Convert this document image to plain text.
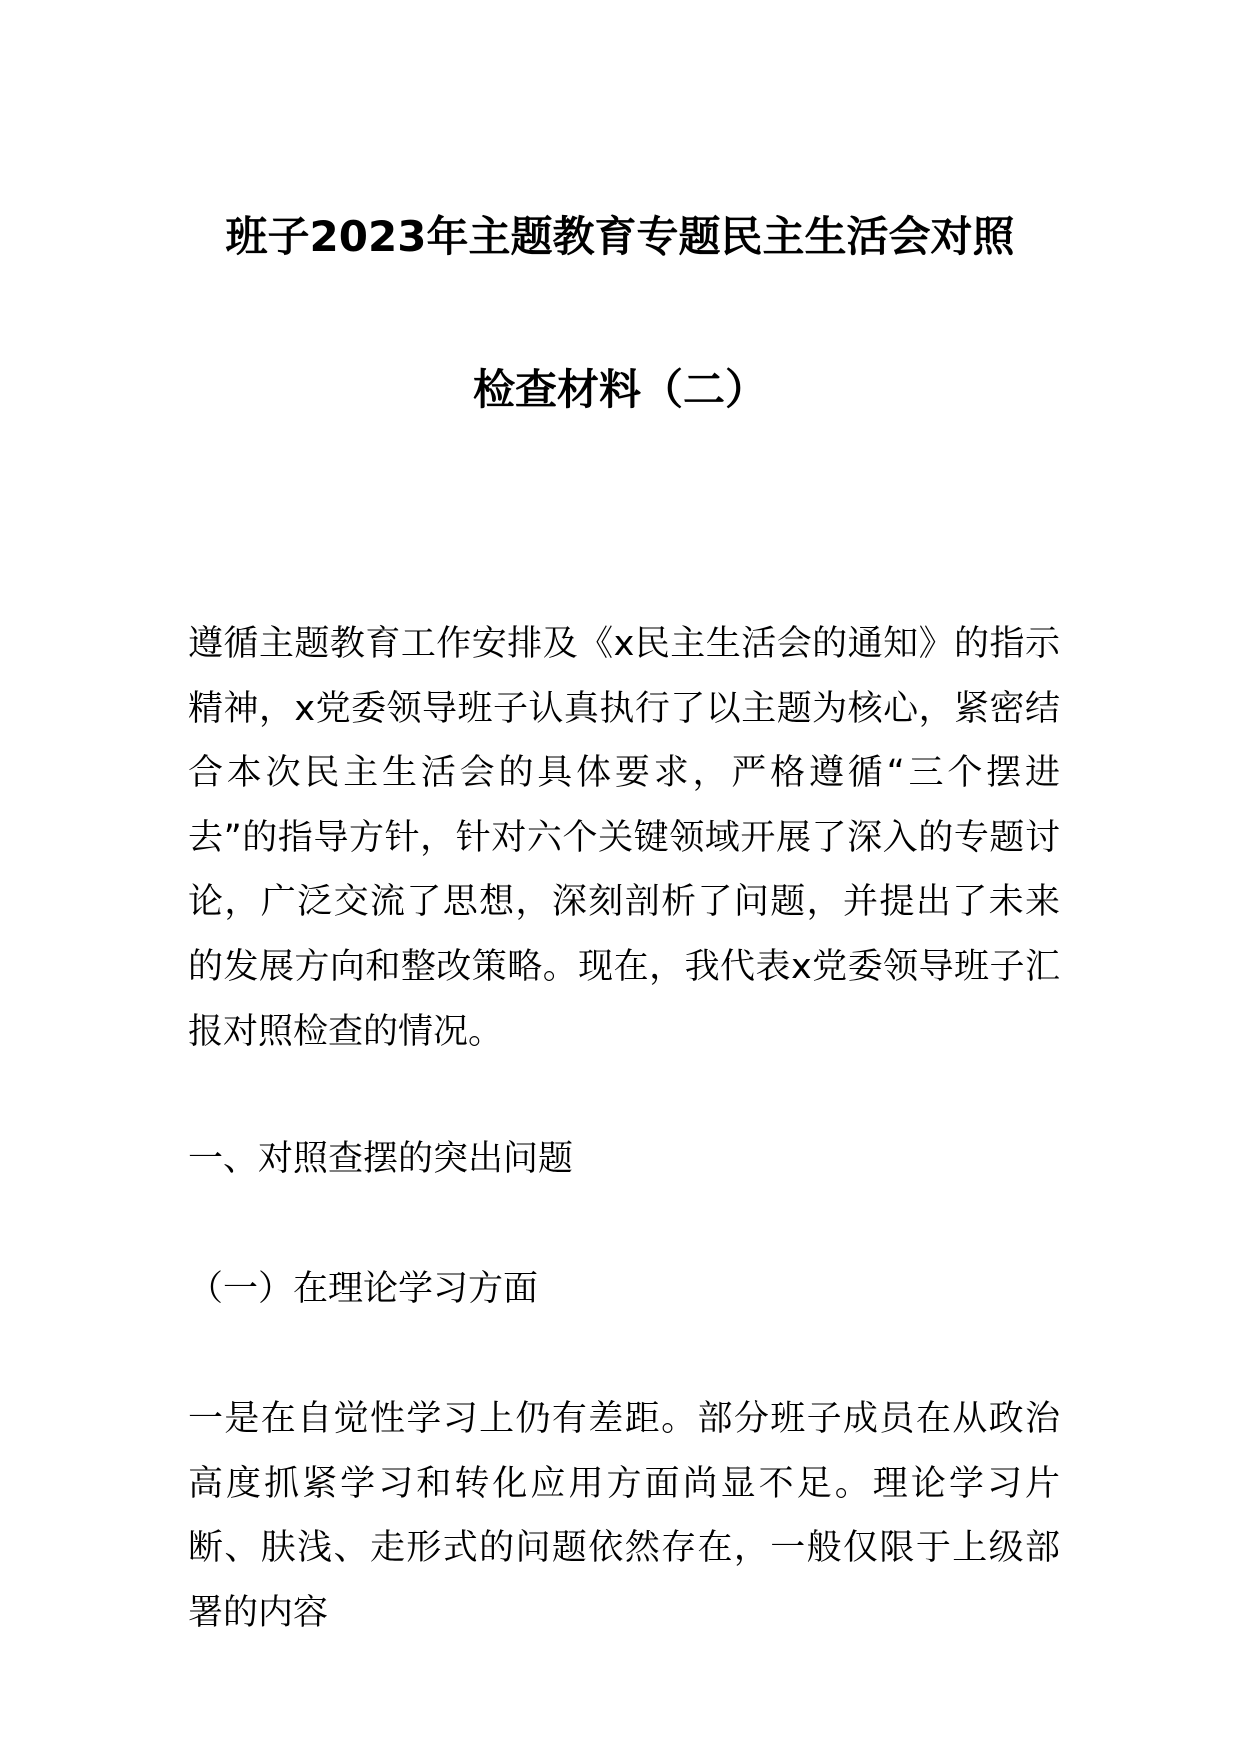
班子2023年主题教育专题民主生活会对照
检查材料（二）

遵循主题教育工作安排及《x民主生活会的通知》的指示精神，x党委领导班子认真执行了以主题为核心，紧密结合本次民主生活会的具体要求，严格遵循“三个摆进去”的指导方针，针对六个关键领域开展了深入的专题讨论，广泛交流了思想，深刻剖析了问题，并提出了未来的发展方向和整改策略。现在，我代表x党委领导班子汇报对照检查的情况。

一、对照查摆的突出问题

（一）在理论学习方面

一是在自觉性学习上仍有差距。部分班子成员在从政治高度抓紧学习和转化应用方面尚显不足。理论学习片断、肤浅、走形式的问题依然存在，一般仅限于上级部署的内容
